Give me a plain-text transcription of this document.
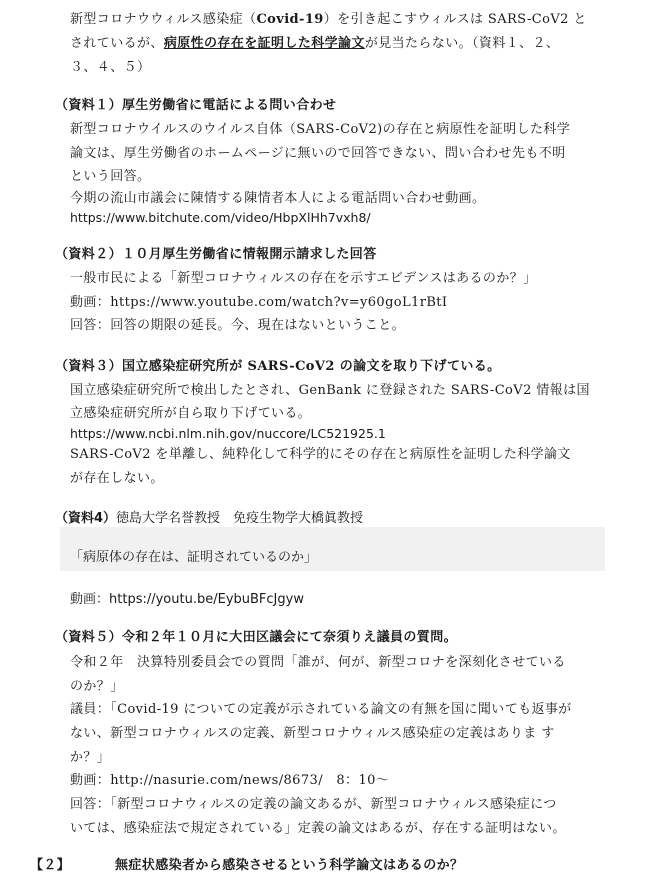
新型コロナウウィルス感染症（Covid-19）を引き起こすウィルスは SARS-CoV2 と
されているが、病原性の存在を証明した科学論文が見当たらない。（資料１、２、
３、４、５）
（資料１）厚生労働省に電話による問い合わせ
新型コロナウイルスのウイルス自体（SARS-CoV2)の存在と病原性を証明した科学
論文は、厚生労働省のホームページに無いので回答できない、問い合わせ先も不明
という回答。
今期の流山市議会に陳情する陳情者本人による電話問い合わせ動画。
https://www.bitchute.com/video/HbpXlHh7vxh8/
（資料２）１０月厚生労働省に情報開示請求した回答
一般市民による「新型コロナウィルスの存在を示すエビデンスはあるのか？」
動画：https://www.youtube.com/watch?v=y60goL1rBtI
回答：回答の期限の延長。今、現在はないということ。
（資料３）国立感染症研究所が SARS-CoV2 の論文を取り下げている。
国立感染症研究所で検出したとされ、GenBank に登録された SARS-CoV2 情報は国
立感染症研究所が自ら取り下げている。
https://www.ncbi.nlm.nih.gov/nuccore/LC521925.1
SARS-CoV2 を単離し、純粋化して科学的にその存在と病原性を証明した科学論文
が存在しない。
（資料4）徳島大学名誉教授　免疫生物学大橋眞教授
「病原体の存在は、証明されているのか」
動画：https://youtu.be/EybuBFcJgyw
（資料５）令和２年１０月に大田区議会にて奈須りえ議員の質問。
令和２年　決算特別委員会での質問「誰が、何が、新型コロナを深刻化させている
のか？」
議員：「Covid-19 についての定義が示されている論文の有無を国に聞いても返事が
ない、新型コロナウィルスの定義、新型コロナウィルス感染症の定義はありま す
か？」
動画：http://nasurie.com/news/8673/　8：10～
回答：「新型コロナウィルスの定義の論文あるが、新型コロナウィルス感染症につ
いては、感染症法で規定されている」定義の論文はあるが、存在する証明はない。
【２】	無症状感染者から感染させるという科学論文はあるのか？
